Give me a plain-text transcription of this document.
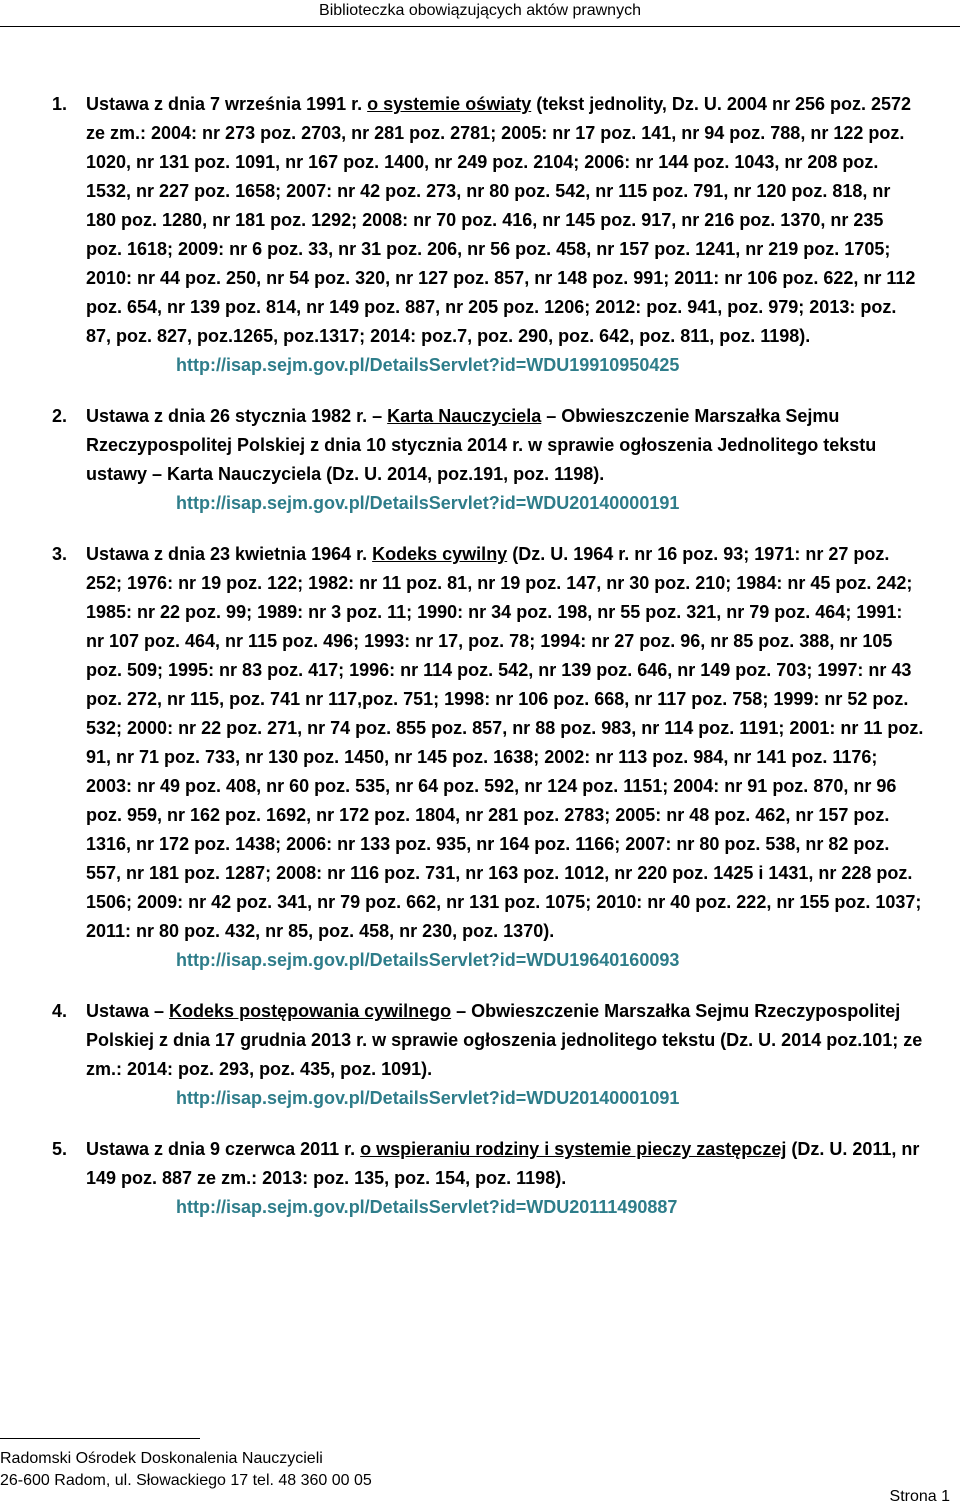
Biblioteczka obowiązujących aktów prawnych
1.	Ustawa z dnia 7 września 1991 r. o systemie oświaty (tekst jednolity, Dz. U. 2004 nr 256 poz. 2572 ze zm.: 2004: nr 273 poz. 2703, nr 281 poz. 2781; 2005: nr 17 poz. 141, nr 94 poz. 788, nr 122 poz. 1020, nr 131 poz. 1091, nr 167 poz. 1400, nr 249 poz. 2104; 2006: nr 144 poz. 1043, nr 208 poz. 1532, nr 227 poz. 1658; 2007: nr 42 poz. 273, nr 80 poz. 542, nr 115 poz. 791, nr 120 poz. 818, nr 180 poz. 1280, nr 181 poz. 1292; 2008: nr 70 poz. 416, nr 145 poz. 917, nr 216 poz. 1370, nr 235 poz. 1618; 2009: nr 6 poz. 33, nr 31 poz. 206, nr 56 poz. 458, nr 157 poz. 1241, nr 219 poz. 1705; 2010: nr 44 poz. 250, nr 54 poz. 320, nr 127 poz. 857, nr 148 poz. 991; 2011: nr 106 poz. 622, nr 112 poz. 654, nr 139 poz. 814, nr 149 poz. 887, nr 205 poz. 1206; 2012: poz. 941, poz. 979; 2013: poz. 87, poz. 827, poz.1265, poz.1317; 2014: poz.7, poz. 290, poz. 642, poz. 811, poz. 1198).
http://isap.sejm.gov.pl/DetailsServlet?id=WDU19910950425
2.	Ustawa z dnia 26 stycznia 1982 r. – Karta Nauczyciela – Obwieszczenie Marszałka Sejmu Rzeczypospolitej Polskiej z dnia 10 stycznia 2014 r. w sprawie ogłoszenia Jednolitego tekstu ustawy – Karta Nauczyciela (Dz. U. 2014, poz.191, poz. 1198).
http://isap.sejm.gov.pl/DetailsServlet?id=WDU20140000191
3.	Ustawa z dnia 23 kwietnia 1964 r. Kodeks cywilny (Dz. U. 1964 r. nr 16 poz. 93; 1971: nr 27 poz. 252; 1976: nr 19 poz. 122; 1982: nr 11 poz. 81, nr 19 poz. 147, nr 30 poz. 210; 1984: nr 45 poz. 242; 1985: nr 22 poz. 99; 1989: nr 3 poz. 11; 1990: nr 34 poz. 198, nr 55 poz. 321, nr 79 poz. 464; 1991: nr 107 poz. 464, nr 115 poz. 496; 1993: nr 17, poz. 78; 1994: nr 27 poz. 96, nr 85 poz. 388, nr 105 poz. 509; 1995: nr 83 poz. 417; 1996: nr 114 poz. 542, nr 139 poz. 646, nr 149 poz. 703; 1997: nr 43 poz. 272, nr 115, poz. 741 nr 117,poz. 751; 1998: nr 106 poz. 668, nr 117 poz. 758; 1999: nr 52 poz. 532; 2000: nr 22 poz. 271, nr 74 poz. 855 poz. 857, nr 88 poz. 983, nr 114 poz. 1191; 2001: nr 11 poz. 91, nr 71 poz. 733, nr 130 poz. 1450, nr 145 poz. 1638; 2002: nr 113 poz. 984, nr 141 poz. 1176; 2003: nr 49 poz. 408, nr 60 poz. 535, nr 64 poz. 592, nr 124 poz. 1151; 2004: nr 91 poz. 870, nr 96 poz. 959, nr 162 poz. 1692, nr 172 poz. 1804, nr 281 poz. 2783; 2005: nr 48 poz. 462, nr 157 poz. 1316, nr 172 poz. 1438; 2006: nr 133 poz. 935, nr 164 poz. 1166; 2007: nr 80 poz. 538, nr 82 poz. 557, nr 181 poz. 1287; 2008: nr 116 poz. 731, nr 163 poz. 1012, nr 220 poz. 1425 i 1431, nr 228 poz. 1506; 2009: nr 42 poz. 341, nr 79 poz. 662, nr 131 poz. 1075; 2010: nr 40 poz. 222, nr 155 poz. 1037; 2011: nr 80 poz. 432, nr 85, poz. 458, nr 230, poz. 1370).
http://isap.sejm.gov.pl/DetailsServlet?id=WDU19640160093
4.	Ustawa – Kodeks postępowania cywilnego – Obwieszczenie Marszałka Sejmu Rzeczypospolitej Polskiej z dnia 17 grudnia 2013 r. w sprawie ogłoszenia jednolitego tekstu (Dz. U. 2014 poz.101; ze zm.: 2014: poz. 293, poz. 435, poz. 1091).
http://isap.sejm.gov.pl/DetailsServlet?id=WDU20140001091
5.	Ustawa z dnia 9 czerwca 2011 r. o wspieraniu rodziny i systemie pieczy zastępczej (Dz. U. 2011, nr 149 poz. 887 ze zm.: 2013: poz. 135, poz. 154, poz. 1198).
http://isap.sejm.gov.pl/DetailsServlet?id=WDU20111490887
Radomski Ośrodek Doskonalenia Nauczycieli
26-600 Radom, ul. Słowackiego 17 tel. 48 360 00 05
Strona 1
